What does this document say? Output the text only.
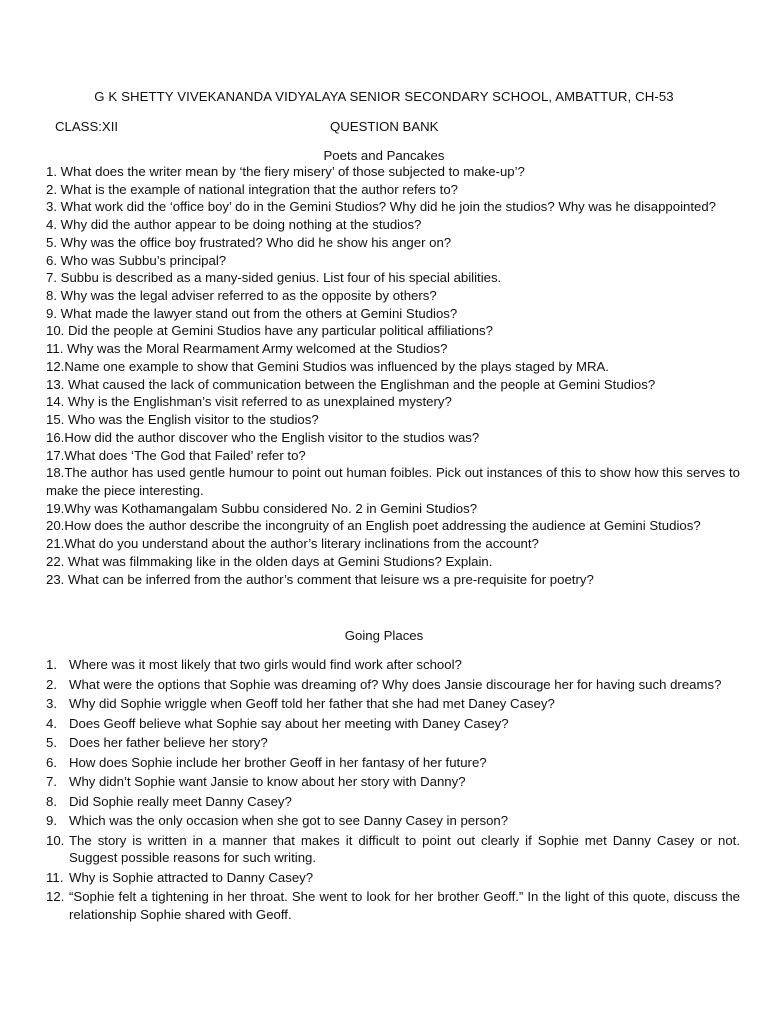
G K SHETTY VIVEKANANDA VIDYALAYA SENIOR SECONDARY SCHOOL, AMBATTUR, CH-53
CLASS:XII	QUESTION BANK
Poets and Pancakes
1. What does the writer mean by ‘the fiery misery’ of those subjected to make-up’?
2. What is the example of national integration that the author refers to?
3. What work did the ‘office boy’ do in the Gemini Studios? Why did he join the studios? Why was he disappointed?
4. Why did the author appear to be doing nothing at the studios?
5. Why was the office boy frustrated? Who did he show his anger on?
6. Who was Subbu’s principal?
7. Subbu is described as a many-sided genius. List four of his special abilities.
8. Why was the legal adviser referred to as the opposite by others?
9. What made the lawyer stand out from the others at Gemini Studios?
10. Did the people at Gemini Studios have any particular political affiliations?
11. Why was the Moral Rearmament Army welcomed at the Studios?
12.Name one example to show that Gemini Studios was influenced by the plays staged by MRA.
13. What caused the lack of communication between the Englishman and the people at Gemini Studios?
14. Why is the Englishman’s visit referred to as unexplained mystery?
15. Who was the English visitor to the studios?
16.How did the author discover who the English visitor to the studios was?
17.What does ‘The God that Failed’ refer to?
18.The author has used gentle humour to point out human foibles. Pick out instances of this to show how this serves to make the piece interesting.
19.Why was Kothamangalam Subbu considered No. 2 in Gemini Studios?
20.How does the author describe the incongruity of an English poet addressing the audience at Gemini Studios?
21.What do you understand about the author’s literary inclinations from the account?
22. What was filmmaking like in the olden days at Gemini Studions? Explain.
23. What can be inferred from the author’s comment that leisure ws a pre-requisite for poetry?
Going Places
1. Where was it most likely that two girls would find work after school?
2. What were the options that Sophie was dreaming of? Why does Jansie discourage her for having such dreams?
3. Why did Sophie wriggle when Geoff told her father that she had met Daney Casey?
4. Does Geoff believe what Sophie say about her meeting with Daney Casey?
5. Does her father believe her story?
6. How does Sophie include her brother Geoff in her fantasy of her future?
7. Why didn’t Sophie want Jansie to know about her story with Danny?
8. Did Sophie really meet Danny Casey?
9. Which was the only occasion when she got to see Danny Casey in person?
10. The story is written in a manner that makes it difficult to point out clearly if Sophie met Danny Casey or not. Suggest possible reasons for such writing.
11. Why is Sophie attracted to Danny Casey?
12. “Sophie felt a tightening in her throat. She went to look for her brother Geoff.” In the light of this quote, discuss the relationship Sophie shared with Geoff.
